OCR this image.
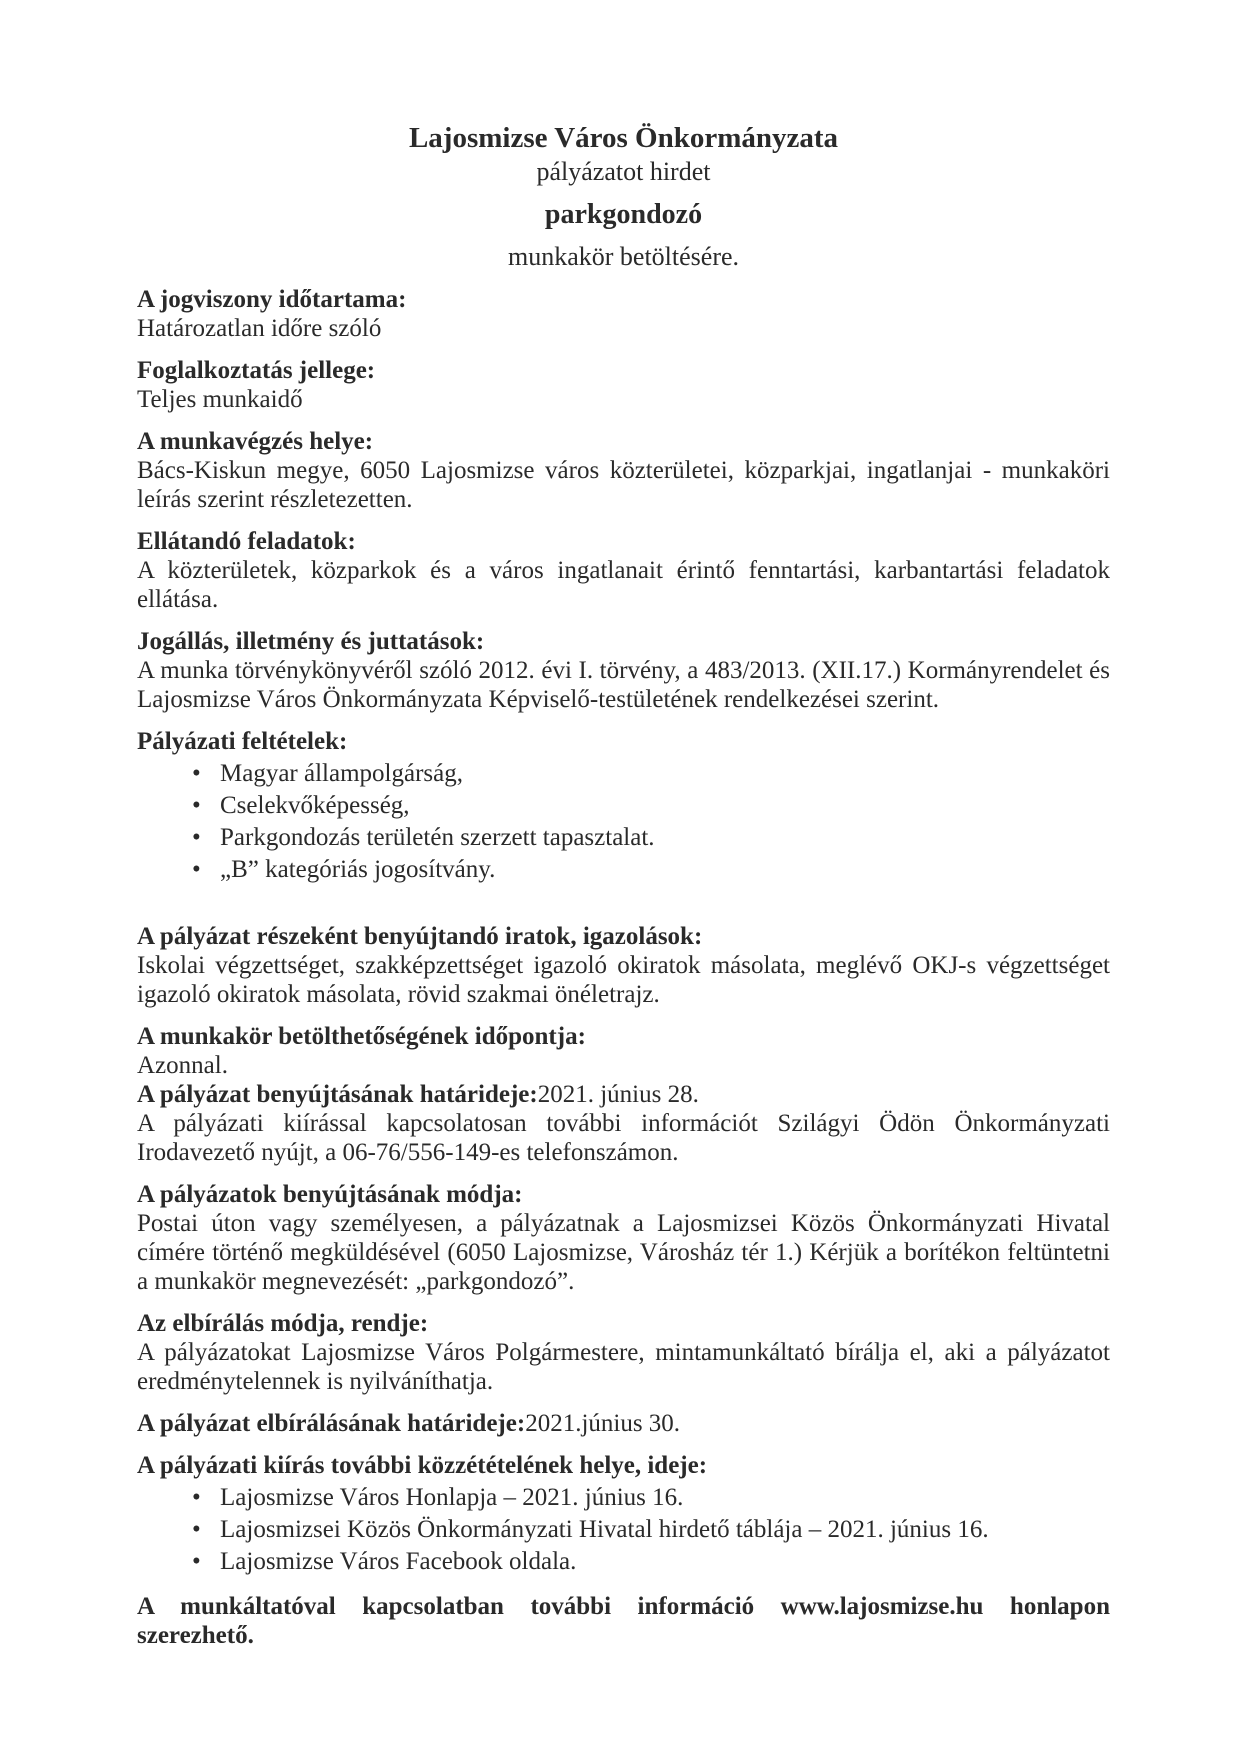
Lajosmizse Város Önkormányzata
pályázatot hirdet
parkgondozó
munkakör betöltésére.
A jogviszony időtartama:

Határozatlan időre szóló

Foglalkoztatás jellege:

Teljes munkaidő

A munkavégzés helye:

Bács-Kiskun megye, 6050 Lajosmizse város közterületei, közparkjai, ingatlanjai - munkaköri leírás szerint részletezetten.

Ellátandó feladatok:

A közterületek, közparkok és a város ingatlanait érintő fenntartási, karbantartási feladatok ellátása.

Jogállás, illetmény és juttatások:

A munka törvénykönyvéről szóló 2012. évi I. törvény, a 483/2013. (XII.17.) Kormányrendelet és Lajosmizse Város Önkormányzata Képviselő-testületének rendelkezései szerint.

Pályázati feltételek:
• Magyar állampolgárság,
• Cselekvőképesség,
• Parkgondozás területén szerzett tapasztalat.
• „B” kategóriás jogosítvány.
A pályázat részeként benyújtandó iratok, igazolások:

Iskolai végzettséget, szakképzettséget igazoló okiratok másolata, meglévő OKJ-s végzettséget igazoló okiratok másolata, rövid szakmai önéletrajz.

A munkakör betölthetőségének időpontja:

Azonnal.

A pályázat benyújtásának határideje:2021. június 28.

A pályázati kiírással kapcsolatosan további információt Szilágyi Ödön Önkormányzati Irodavezető nyújt, a 06-76/556-149-es telefonszámon.

A pályázatok benyújtásának módja:

Postai úton vagy személyesen, a pályázatnak a Lajosmizsei Közös Önkormányzati Hivatal címére történő megküldésével (6050 Lajosmizse, Városház tér 1.) Kérjük a borítékon feltüntetni a munkakör megnevezését: „parkgondozó”.

Az elbírálás módja, rendje:

A pályázatokat Lajosmizse Város Polgármestere, mintamunkáltató bírálja el, aki a pályázatot eredménytelennek is nyilváníthatja.

A pályázat elbírálásának határideje:2021.június 30.
A pályázati kiírás további közzétételének helye, ideje:
• Lajosmizse Város Honlapja – 2021. június 16.
• Lajosmizsei Közös Önkormányzati Hivatal hirdető táblája – 2021. június 16.
• Lajosmizse Város Facebook oldala.
A munkáltatóval kapcsolatban további információ www.lajosmizse.hu honlapon szerezhető.
